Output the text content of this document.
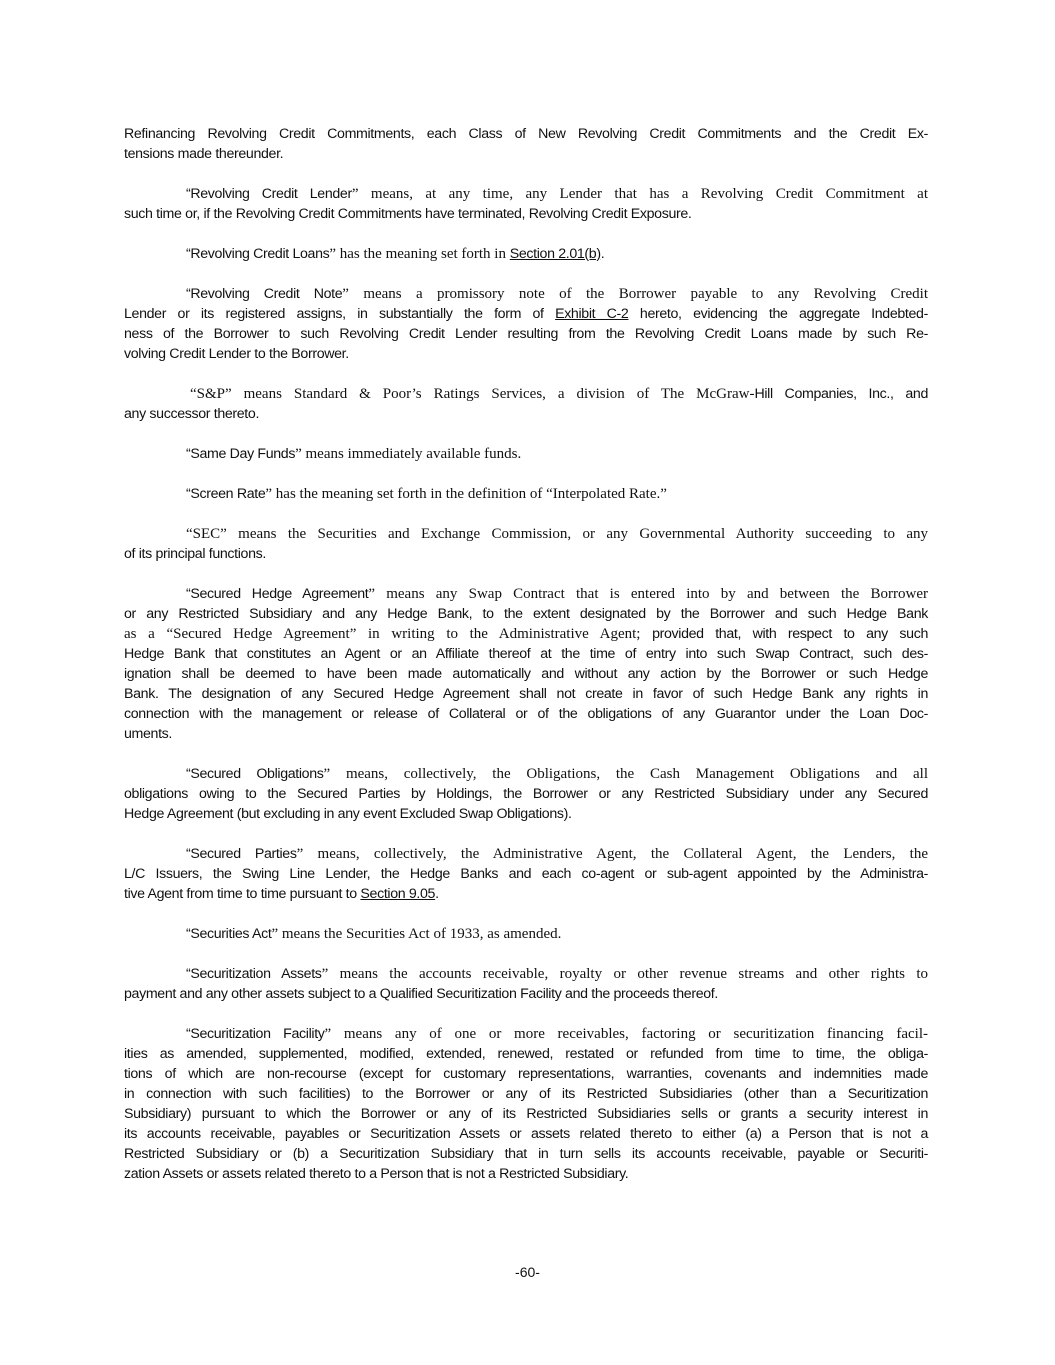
Refinancing Revolving Credit Commitments, each Class of New Revolving Credit Commitments and the Credit Ex-
tensions made thereunder.
“Revolving Credit Lender” means, at any time, any Lender that has a Revolving Credit Commitment at
such time or, if the Revolving Credit Commitments have terminated, Revolving Credit Exposure.
“Revolving Credit Loans” has the meaning set forth in Section 2.01(b).
“Revolving Credit Note” means a promissory note of the Borrower payable to any Revolving Credit
Lender or its registered assigns, in substantially the form of Exhibit C-2 hereto, evidencing the aggregate Indebted-
ness of the Borrower to such Revolving Credit Lender resulting from the Revolving Credit Loans made by such Re-
volving Credit Lender to the Borrower.
“S&P” means Standard & Poor’s Ratings Services, a division of The McGraw-Hill Companies, Inc., and
any successor thereto.
“Same Day Funds” means immediately available funds.
“Screen Rate” has the meaning set forth in the definition of “Interpolated Rate.”
“SEC” means the Securities and Exchange Commission, or any Governmental Authority succeeding to any
of its principal functions.
“Secured Hedge Agreement” means any Swap Contract that is entered into by and between the Borrower
or any Restricted Subsidiary and any Hedge Bank, to the extent designated by the Borrower and such Hedge Bank
as a “Secured Hedge Agreement” in writing to the Administrative Agent; provided that, with respect to any such
Hedge Bank that constitutes an Agent or an Affiliate thereof at the time of entry into such Swap Contract, such des-
ignation shall be deemed to have been made automatically and without any action by the Borrower or such Hedge
Bank. The designation of any Secured Hedge Agreement shall not create in favor of such Hedge Bank any rights in
connection with the management or release of Collateral or of the obligations of any Guarantor under the Loan Doc-
uments.
“Secured Obligations” means, collectively, the Obligations, the Cash Management Obligations and all
obligations owing to the Secured Parties by Holdings, the Borrower or any Restricted Subsidiary under any Secured
Hedge Agreement (but excluding in any event Excluded Swap Obligations).
“Secured Parties” means, collectively, the Administrative Agent, the Collateral Agent, the Lenders, the
L/C Issuers, the Swing Line Lender, the Hedge Banks and each co-agent or sub-agent appointed by the Administra-
tive Agent from time to time pursuant to Section 9.05.
“Securities Act” means the Securities Act of 1933, as amended.
“Securitization Assets” means the accounts receivable, royalty or other revenue streams and other rights to
payment and any other assets subject to a Qualified Securitization Facility and the proceeds thereof.
“Securitization Facility” means any of one or more receivables, factoring or securitization financing facil-
ities as amended, supplemented, modified, extended, renewed, restated or refunded from time to time, the obliga-
tions of which are non-recourse (except for customary representations, warranties, covenants and indemnities made
in connection with such facilities) to the Borrower or any of its Restricted Subsidiaries (other than a Securitization
Subsidiary) pursuant to which the Borrower or any of its Restricted Subsidiaries sells or grants a security interest in
its accounts receivable, payables or Securitization Assets or assets related thereto to either (a) a Person that is not a
Restricted Subsidiary or (b) a Securitization Subsidiary that in turn sells its accounts receivable, payable or Securiti-
zation Assets or assets related thereto to a Person that is not a Restricted Subsidiary.
-60-
